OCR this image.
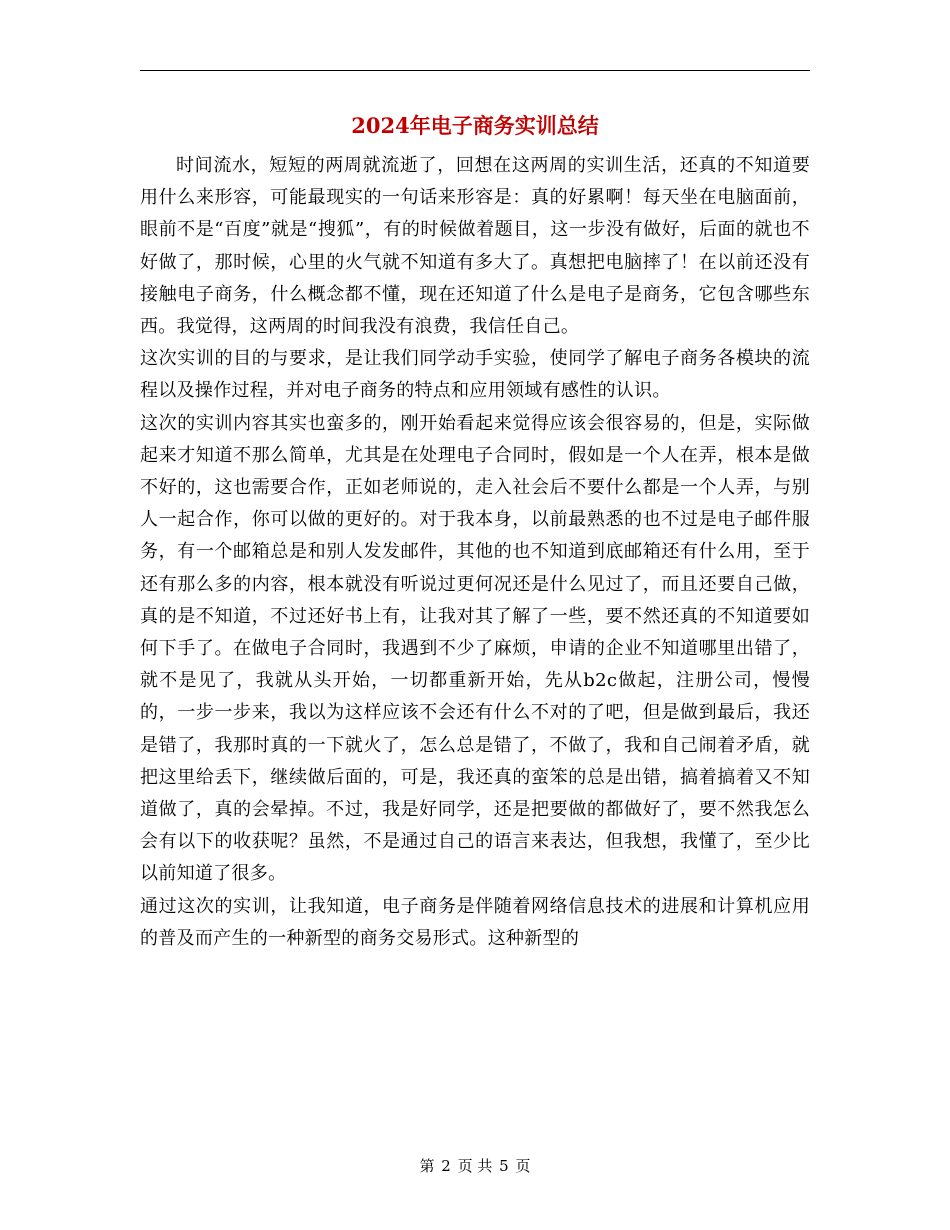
2024年电子商务实训总结

时间流水，短短的两周就流逝了，回想在这两周的实训生活，还真的不知道要用什么来形容，可能最现实的一句话来形容是：真的好累啊！每天坐在电脑面前，眼前不是“百度”就是“搜狐”，有的时候做着题目，这一步没有做好，后面的就也不好做了，那时候，心里的火气就不知道有多大了。真想把电脑摔了！在以前还没有接触电子商务，什么概念都不懂，现在还知道了什么是电子是商务，它包含哪些东西。我觉得，这两周的时间我没有浪费，我信任自己。

这次实训的目的与要求，是让我们同学动手实验，使同学了解电子商务各模块的流程以及操作过程，并对电子商务的特点和应用领域有感性的认识。

这次的实训内容其实也蛮多的，刚开始看起来觉得应该会很容易的，但是，实际做起来才知道不那么简单，尤其是在处理电子合同时，假如是一个人在弄，根本是做不好的，这也需要合作，正如老师说的，走入社会后不要什么都是一个人弄，与别人一起合作，你可以做的更好的。对于我本身，以前最熟悉的也不过是电子邮件服务，有一个邮箱总是和别人发发邮件，其他的也不知道到底邮箱还有什么用，至于还有那么多的内容，根本就没有听说过更何况还是什么见过了，而且还要自己做，真的是不知道，不过还好书上有，让我对其了解了一些，要不然还真的不知道要如何下手了。在做电子合同时，我遇到不少了麻烦，申请的企业不知道哪里出错了，就不是见了，我就从头开始，一切都重新开始，先从b2c做起，注册公司，慢慢的，一步一步来，我以为这样应该不会还有什么不对的了吧，但是做到最后，我还是错了，我那时真的一下就火了，怎么总是错了，不做了，我和自己闹着矛盾，就把这里给丢下，继续做后面的，可是，我还真的蛮笨的总是出错，搞着搞着又不知道做了，真的会晕掉。不过，我是好同学，还是把要做的都做好了，要不然我怎么会有以下的收获呢？虽然，不是通过自己的语言来表达，但我想，我懂了，至少比以前知道了很多。

通过这次的实训，让我知道，电子商务是伴随着网络信息技术的进展和计算机应用的普及而产生的一种新型的商务交易形式。这种新型的

第 2 页 共 5 页
